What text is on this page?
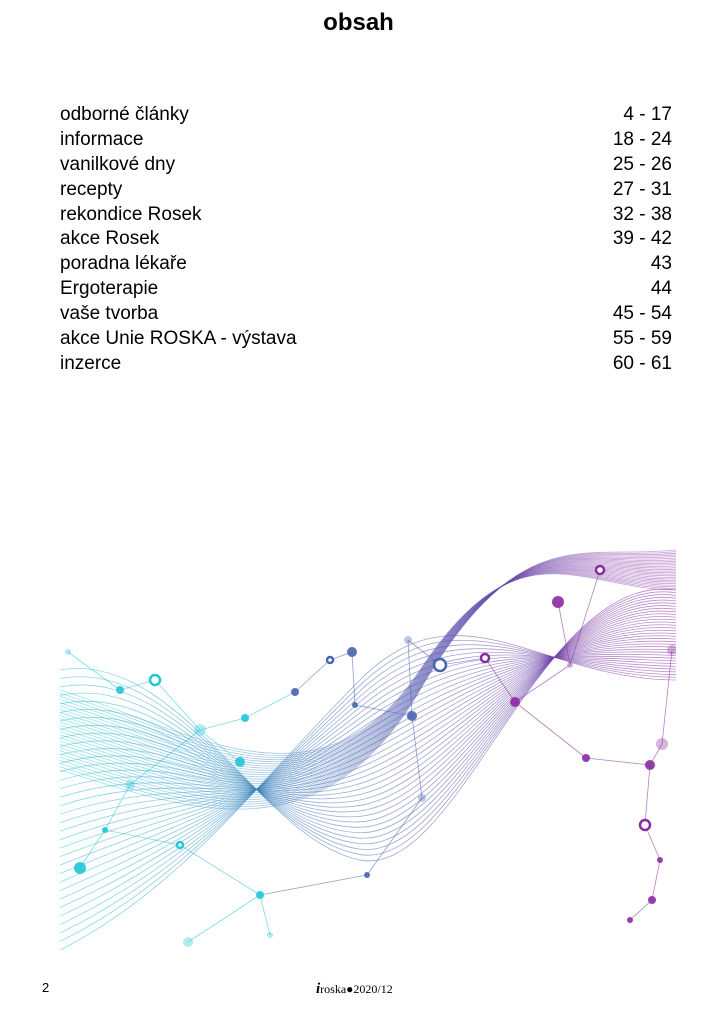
obsah
odborné články	4 - 17
informace	18 - 24
vanilkové dny	25 - 26
recepty	27 - 31
rekondice Rosek	32 - 38
akce Rosek	39 - 42
poradna lékaře	43
Ergoterapie	44
vaše tvorba	45 - 54
akce Unie ROSKA - výstava	55 - 59
inzerce	60 - 61
2	iroska●2020/12
